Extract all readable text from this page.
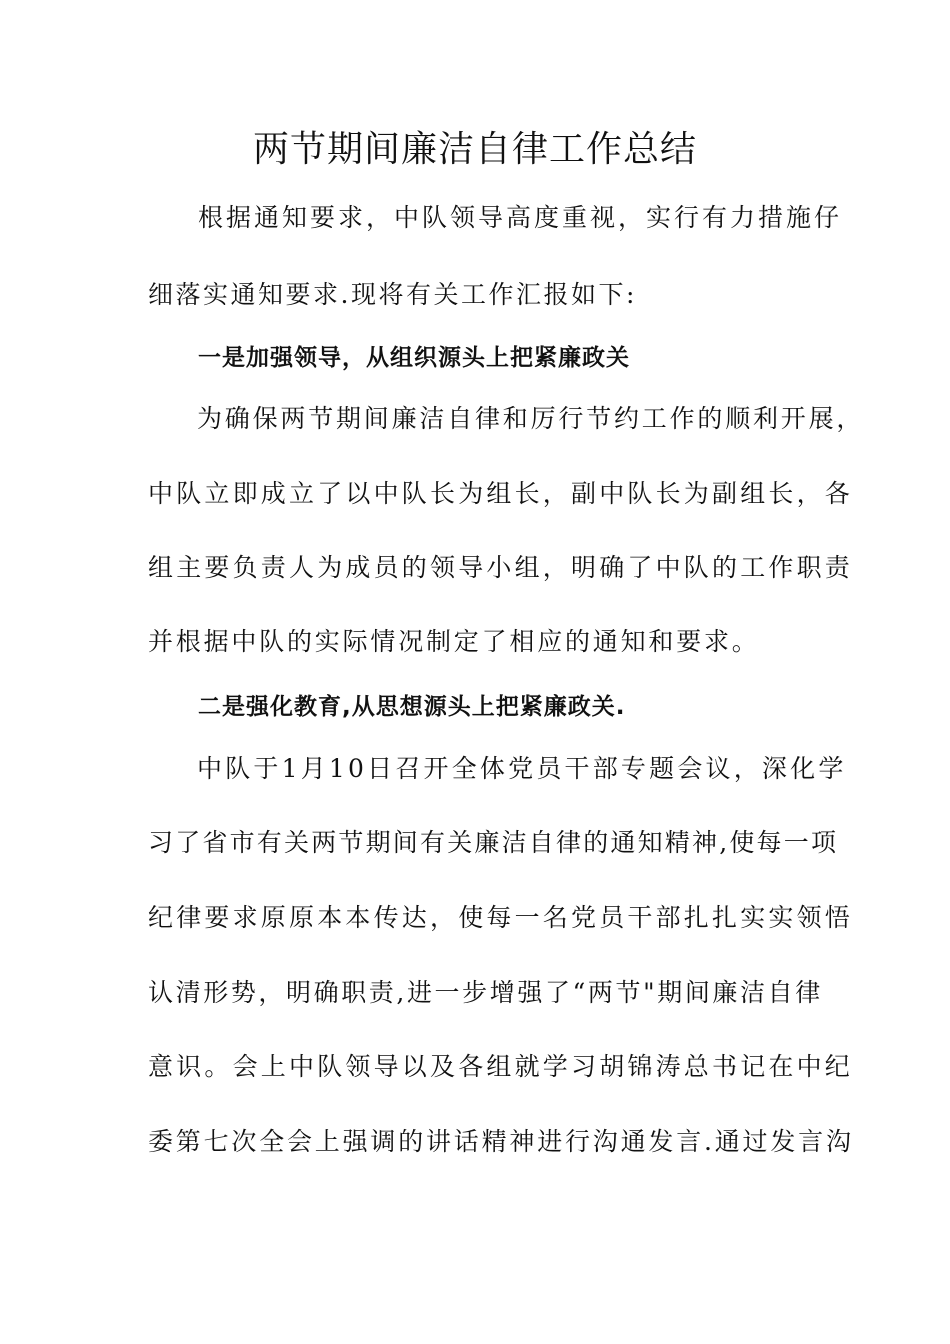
两节期间廉洁自律工作总结

根据通知要求，中队领导高度重视，实行有力措施仔

细落实通知要求.现将有关工作汇报如下:

一是加强领导，从组织源头上把紧廉政关

为确保两节期间廉洁自律和厉行节约工作的顺利开展，

中队立即成立了以中队长为组长，副中队长为副组长，各

组主要负责人为成员的领导小组，明确了中队的工作职责

并根据中队的实际情况制定了相应的通知和要求。

二是强化教育,从思想源头上把紧廉政关.

中队于1月10日召开全体党员干部专题会议，深化学

习了省市有关两节期间有关廉洁自律的通知精神,使每一项

纪律要求原原本本传达，使每一名党员干部扎扎实实领悟

认清形势，明确职责,进一步增强了“两节"期间廉洁自律

意识。会上中队领导以及各组就学习胡锦涛总书记在中纪

委第七次全会上强调的讲话精神进行沟通发言.通过发言沟
